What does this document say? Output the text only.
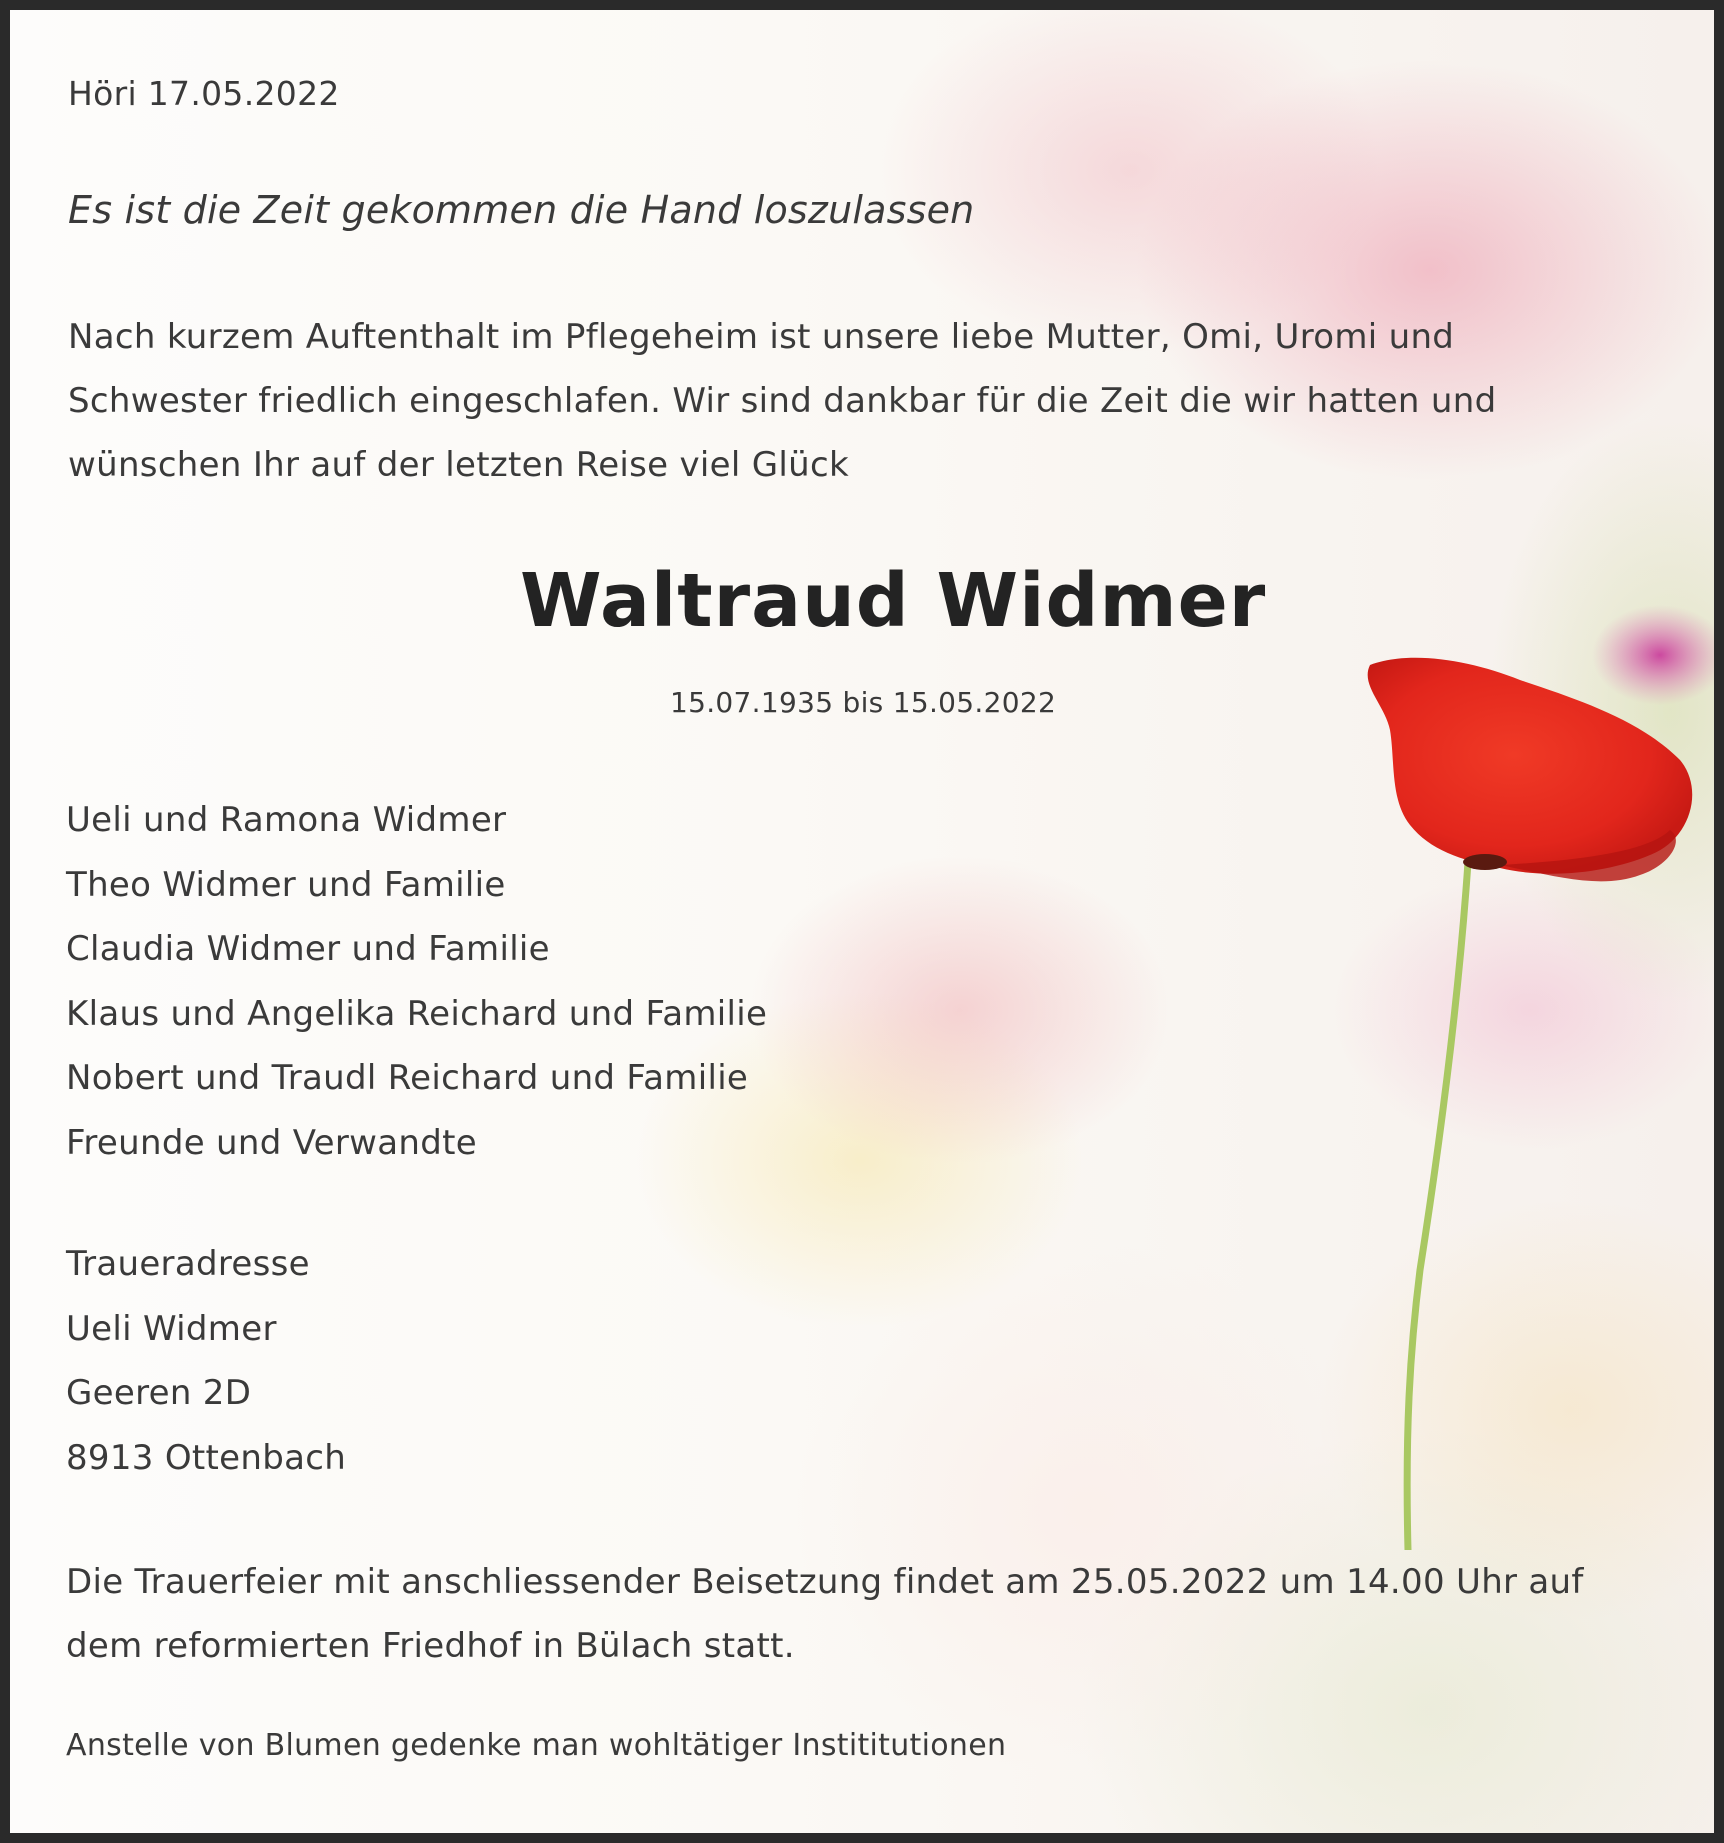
Höri 17.05.2022
Es ist die Zeit gekommen die Hand loszulassen
Nach kurzem Auftenthalt im Pflegeheim ist unsere liebe Mutter, Omi, Uromi und
Schwester friedlich eingeschlafen. Wir sind dankbar für die Zeit die wir hatten und
wünschen Ihr auf der letzten Reise viel Glück
Waltraud Widmer
15.07.1935 bis 15.05.2022
Ueli und Ramona Widmer
Theo Widmer und Familie
Claudia Widmer und Familie
Klaus und Angelika Reichard und Familie
Nobert und Traudl Reichard und Familie
Freunde und Verwandte
Traueradresse
Ueli Widmer
Geeren 2D
8913 Ottenbach
Die Trauerfeier mit anschliessender Beisetzung findet am 25.05.2022 um 14.00 Uhr auf
dem reformierten Friedhof in Bülach statt.
Anstelle von Blumen gedenke man wohltätiger Instititutionen
